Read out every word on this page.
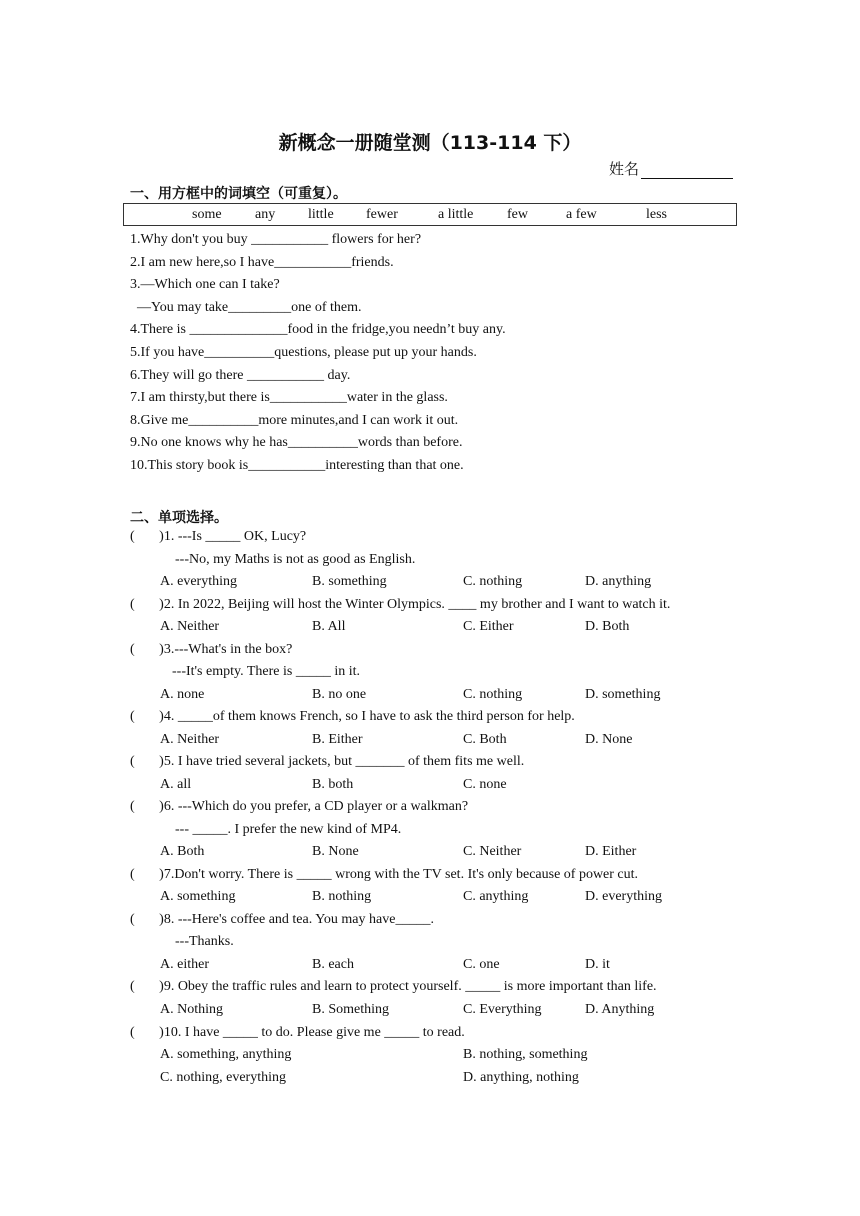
新概念一册随堂测（113-114 下）
姓名
一、用方框中的词填空（可重复）。
some any little fewer	a little few	a few	less
1.Why don't you buy ___________ flowers for her?
2.I am new here,so I have___________friends.
3.—Which one can I take?
—You may take_________one of them.
4.There is ______________food in the fridge,you needn’t buy any.
5.If you have__________questions, please put up your hands.
6.They will go there ___________ day.
7.I am thirsty,but there is___________water in the glass.
8.Give me__________more minutes,and I can work it out.
9.No one knows why he has__________words than before.
10.This story book is___________interesting than that one.
二、单项选择。
(       )1. ---Is _____ OK, Lucy?
---No, my Maths is not as good as English.
A. everything	B. something	C. nothing	D. anything
(       )2. In 2022, Beijing will host the Winter Olympics. ____ my brother and I want to watch it.
A. Neither	B. All	C. Either	D. Both
(       )3.---What's in the box?
---It's empty. There is _____ in it.
A. none	B. no one	C. nothing	D. something
(       )4. _____of them knows French, so I have to ask the third person for help.
A. Neither	B. Either	C. Both	D. None
(       )5. I have tried several jackets, but _______ of them fits me well.
A. all	B. both	C. none
(       )6. ---Which do you prefer, a CD player or a walkman?
--- _____. I prefer the new kind of MP4.
A. Both	B. None	C. Neither	D. Either
(       )7.Don't worry. There is _____ wrong with the TV set. It's only because of power cut.
A. something	B. nothing	C. anything	D. everything
(       )8. ---Here's coffee and tea. You may have_____.
---Thanks.
A. either	B. each	C. one	D. it
(       )9. Obey the traffic rules and learn to protect yourself. _____ is more important than life.
A. Nothing	B. Something	C. Everything	D. Anything
(       )10. I have _____ to do. Please give me _____ to read.
A. something, anything	B. nothing, something
C. nothing, everything	D. anything, nothing
